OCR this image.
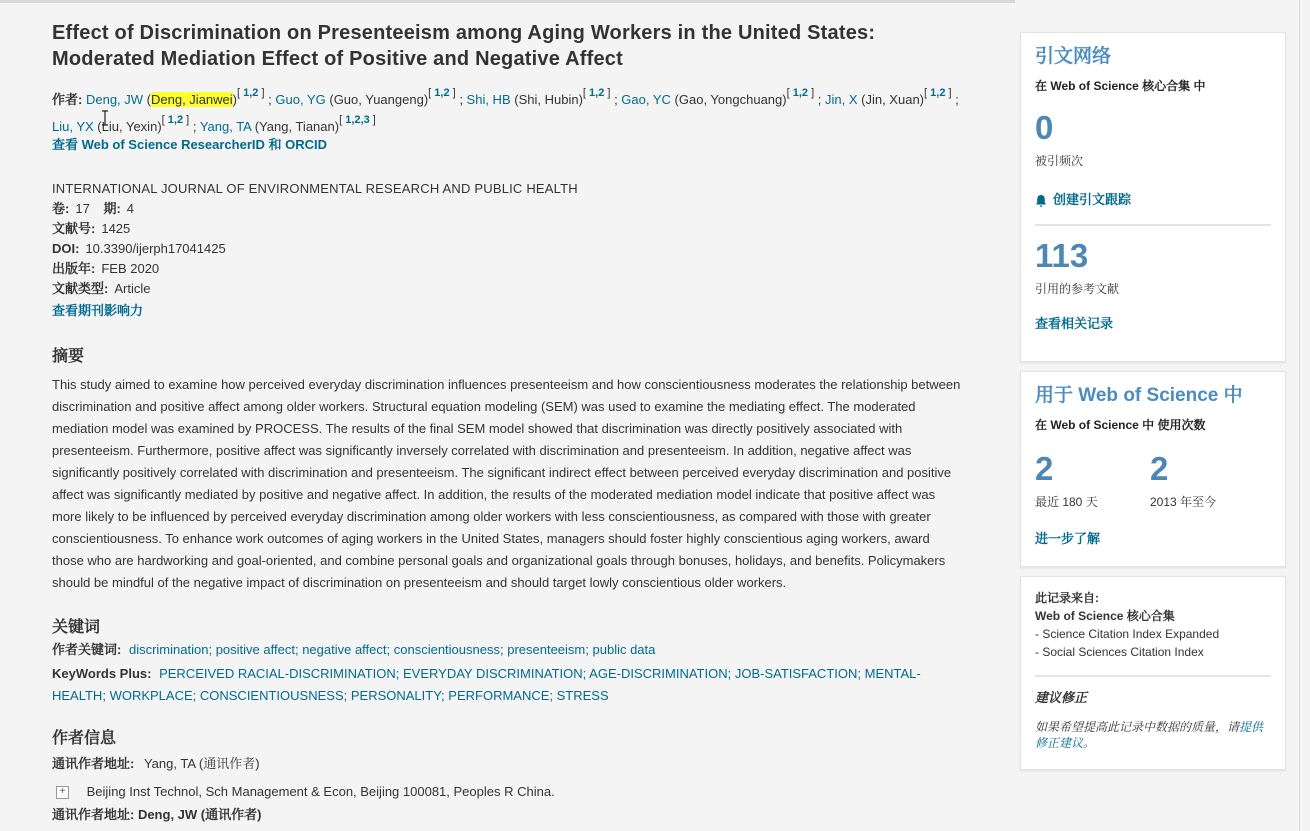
Effect of Discrimination on Presenteeism among Aging Workers in the United States: Moderated Mediation Effect of Positive and Negative Affect
作者: Deng, JW (Deng, Jianwei)[ 1,2 ] ; Guo, YG (Guo, Yuangeng)[ 1,2 ] ; Shi, HB (Shi, Hubin)[ 1,2 ] ; Gao, YC (Gao, Yongchuang)[ 1,2 ] ; Jin, X (Jin, Xuan)[ 1,2 ] ; Liu, YX (Liu, Yexin)[ 1,2 ] ; Yang, TA (Yang, Tianan)[ 1,2,3 ]
查看 Web of Science ResearcherID 和 ORCID
INTERNATIONAL JOURNAL OF ENVIRONMENTAL RESEARCH AND PUBLIC HEALTH
卷: 17 期: 4
文献号: 1425
DOI: 10.3390/ijerph17041425
出版年: FEB 2020
文献类型: Article
查看期刊影响力
摘要
This study aimed to examine how perceived everyday discrimination influences presenteeism and how conscientiousness moderates the relationship between discrimination and positive affect among older workers. Structural equation modeling (SEM) was used to examine the mediating effect. The moderated mediation model was examined by PROCESS. The results of the final SEM model showed that discrimination was directly positively associated with presenteeism. Furthermore, positive affect was significantly inversely correlated with discrimination and presenteeism. In addition, negative affect was significantly positively correlated with discrimination and presenteeism. The significant indirect effect between perceived everyday discrimination and positive affect was significantly mediated by positive and negative affect. In addition, the results of the moderated mediation model indicate that positive affect was more likely to be influenced by perceived everyday discrimination among older workers with less conscientiousness, as compared with those with greater conscientiousness. To enhance work outcomes of aging workers in the United States, managers should foster highly conscientious aging workers, award those who are hardworking and goal-oriented, and combine personal goals and organizational goals through bonuses, holidays, and benefits. Policymakers should be mindful of the negative impact of discrimination on presenteeism and should target lowly conscientious older workers.
关键词
作者关键词: discrimination; positive affect; negative affect; conscientiousness; presenteeism; public data
KeyWords Plus: PERCEIVED RACIAL-DISCRIMINATION; EVERYDAY DISCRIMINATION; AGE-DISCRIMINATION; JOB-SATISFACTION; MENTAL-HEALTH; WORKPLACE; CONSCIENTIOUSNESS; PERSONALITY; PERFORMANCE; STRESS
作者信息
通讯作者地址: Yang, TA (通讯作者)
+ Beijing Inst Technol, Sch Management & Econ, Beijing 100081, Peoples R China.
通讯作者地址: Deng, JW (通讯作者)
引文网络
在 Web of Science 核心合集 中
0
被引频次
创建引文跟踪
113
引用的参考文献
查看相关记录
用于 Web of Science 中
在 Web of Science 中 使用次数
2
最近 180 天
2
2013 年至今
进一步了解
此记录来自:
Web of Science 核心合集
- Science Citation Index Expanded
- Social Sciences Citation Index
建议修正
如果希望提高此记录中数据的质量，请提供修正建议。
